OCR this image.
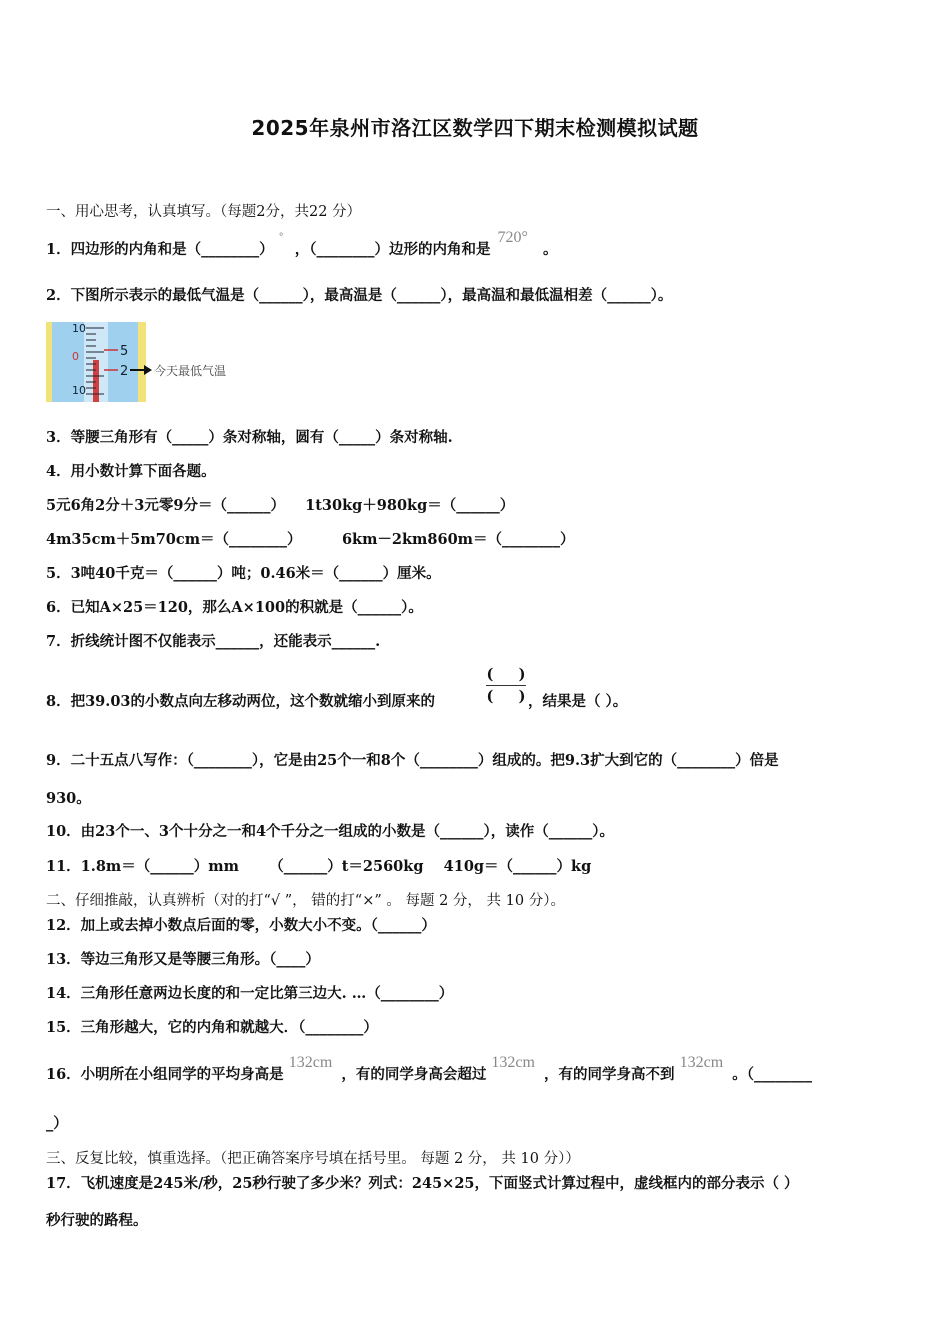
2025年泉州市洛江区数学四下期末检测模拟试题
一、用心思考，认真填写。（每题2分，共22 分）
1．四边形的内角和是（________） ° ，（________）边形的内角和是 720° 。
2．下图所示表示的最低气温是（______），最高温是（______），最高温和最低温相差（______）。
10
0
10
5
2 今天最低气温
3．等腰三角形有（_____）条对称轴，圆有（_____）条对称轴.
4．用小数计算下面各题。
5元6角2分＋3元零9分＝（______）    1t30kg＋980kg＝（______）
4m35cm＋5m70cm＝（________）        6km－2km860m＝（________）
5．3吨40千克＝（______）吨；0.46米＝（______）厘米。
6．已知A×25＝120，那么A×100的积就是（______）。
7．折线统计图不仅能表示______，还能表示______.
8．把39.03的小数点向左移动两位，这个数就缩小到原来的
(     )
(     ) ，结果是（ ）。
9．二十五点八写作：（________），它是由25个一和8个（________）组成的。把9.3扩大到它的（________）倍是
930。
10．由23个一、3个十分之一和4个千分之一组成的小数是（______），读作（______）。
11．1.8m＝（______）mm      （______）t＝2560kg    410g＝（______）kg
二、仔细推敲，认真辨析（对的打“√ ”， 错的打“×” 。 每题 2 分， 共 10 分）。
12．加上或去掉小数点后面的零，小数大小不变。（______）
13．等边三角形又是等腰三角形。（____）
14．三角形任意两边长度的和一定比第三边大. …（________）
15．三角形越大，它的内角和就越大．（________）
16．小明所在小组同学的平均身高是 132cm ，有的同学身高会超过 132cm ，有的同学身高不到 132cm 。（________
_）
三、反复比较，慎重选择。（把正确答案序号填在括号里。 每题 2 分， 共 10 分））
17．飞机速度是245米/秒，25秒行驶了多少米？列式：245×25，下面竖式计算过程中，虚线框内的部分表示（ ）
秒行驶的路程。
